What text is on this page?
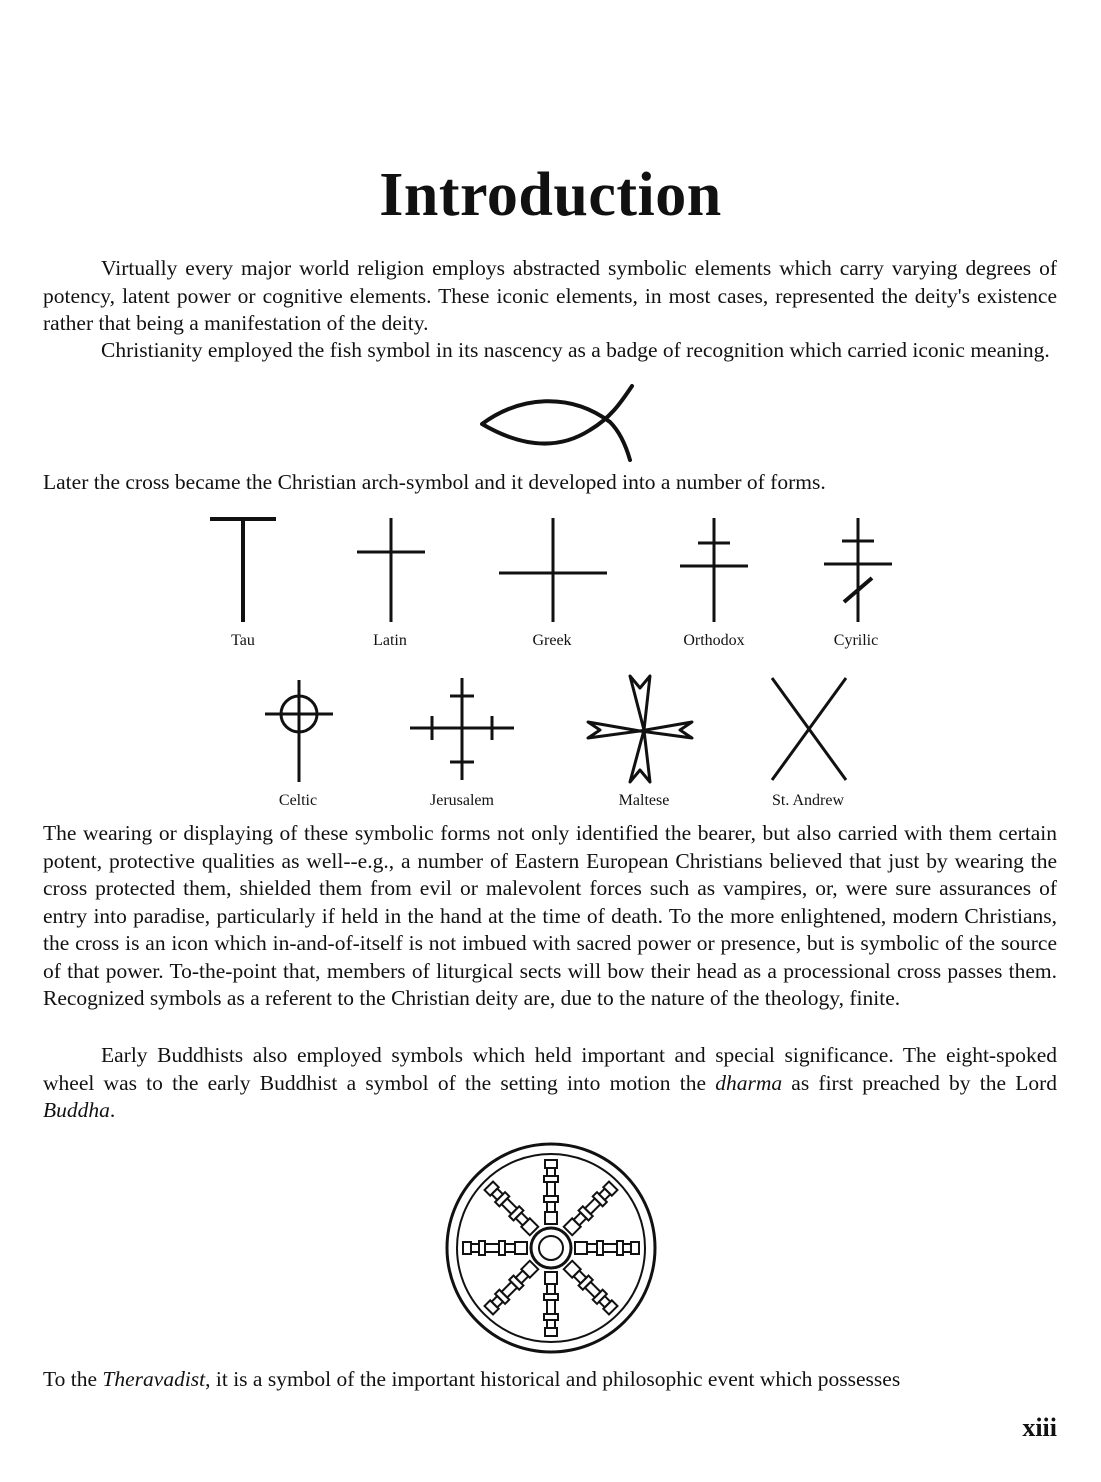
Introduction

Virtually every major world religion employs abstracted symbolic elements which carry varying degrees of potency, latent power or cognitive elements. These iconic elements, in most cases, represented the deity's existence rather that being a manifestation of the deity.

Christianity employed the fish symbol in its nascency as a badge of recognition which carried iconic meaning.

Later the cross became the Christian arch-symbol and it developed into a number of forms.

Tau	Latin	Greek	Orthodox	Cyrilic
Celtic	Jerusalem	Maltese	St. Andrew

The wearing or displaying of these symbolic forms not only identified the bearer, but also carried with them certain potent, protective qualities as well--e.g., a number of Eastern European Christians believed that just by wearing the cross protected them, shielded them from evil or malevolent forces such as vampires, or, were sure assurances of entry into paradise, particularly if held in the hand at the time of death. To the more enlightened, modern Christians, the cross is an icon which in-and-of-itself is not imbued with sacred power or presence, but is symbolic of the source of that power. To-the-point that, members of liturgical sects will bow their head as a processional cross passes them. Recognized symbols as a referent to the Christian deity are, due to the nature of the theology, finite.

Early Buddhists also employed symbols which held important and special significance. The eight-spoked wheel was to the early Buddhist a symbol of the setting into motion the dharma as first preached by the Lord Buddha.

To the Theravadist, it is a symbol of the important historical and philosophic event which possesses

xiii
